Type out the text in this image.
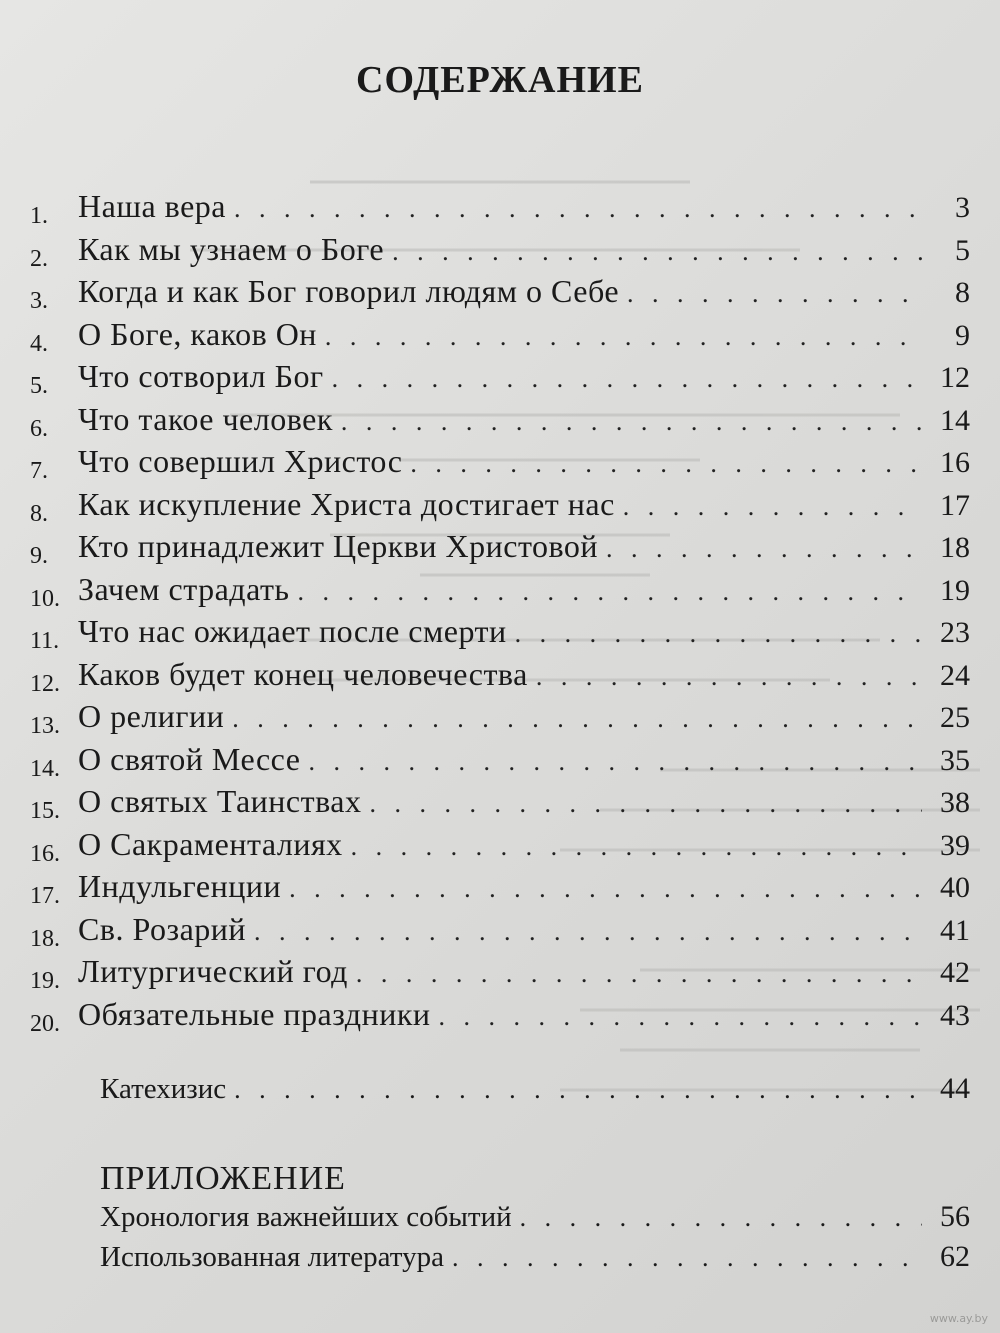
СОДЕРЖАНИЕ
1. Наша вера . . .	3
2. Как мы узнаем о Боге . . .	5
3. Когда и как Бог говорил людям о Себе . . .	8
4. О Боге, каков Он . . .	9
5. Что сотворил Бог . . .	12
6. Что такое человек . . .	14
7. Что совершил Христос . . .	16
8. Как искупление Христа достигает нас . . .	17
9. Кто принадлежит Церкви Христовой . . .	18
10. Зачем страдать . . .	19
11. Что нас ожидает после смерти . . .	23
12. Каков будет конец человечества . . .	24
13. О религии . . .	25
14. О святой Мессе . . .	35
15. О святых Таинствах . . .	38
16. О Сакраменталиях . . .	39
17. Индульгенции . . .	40
18. Св. Розарий . . .	41
19. Литургический год . . .	42
20. Обязательные праздники . . .	43
Катехизис . . .	44
ПРИЛОЖЕНИЕ
Хронология важнейших событий . . .	56
Использованная литература . . .	62
www.ay.by
